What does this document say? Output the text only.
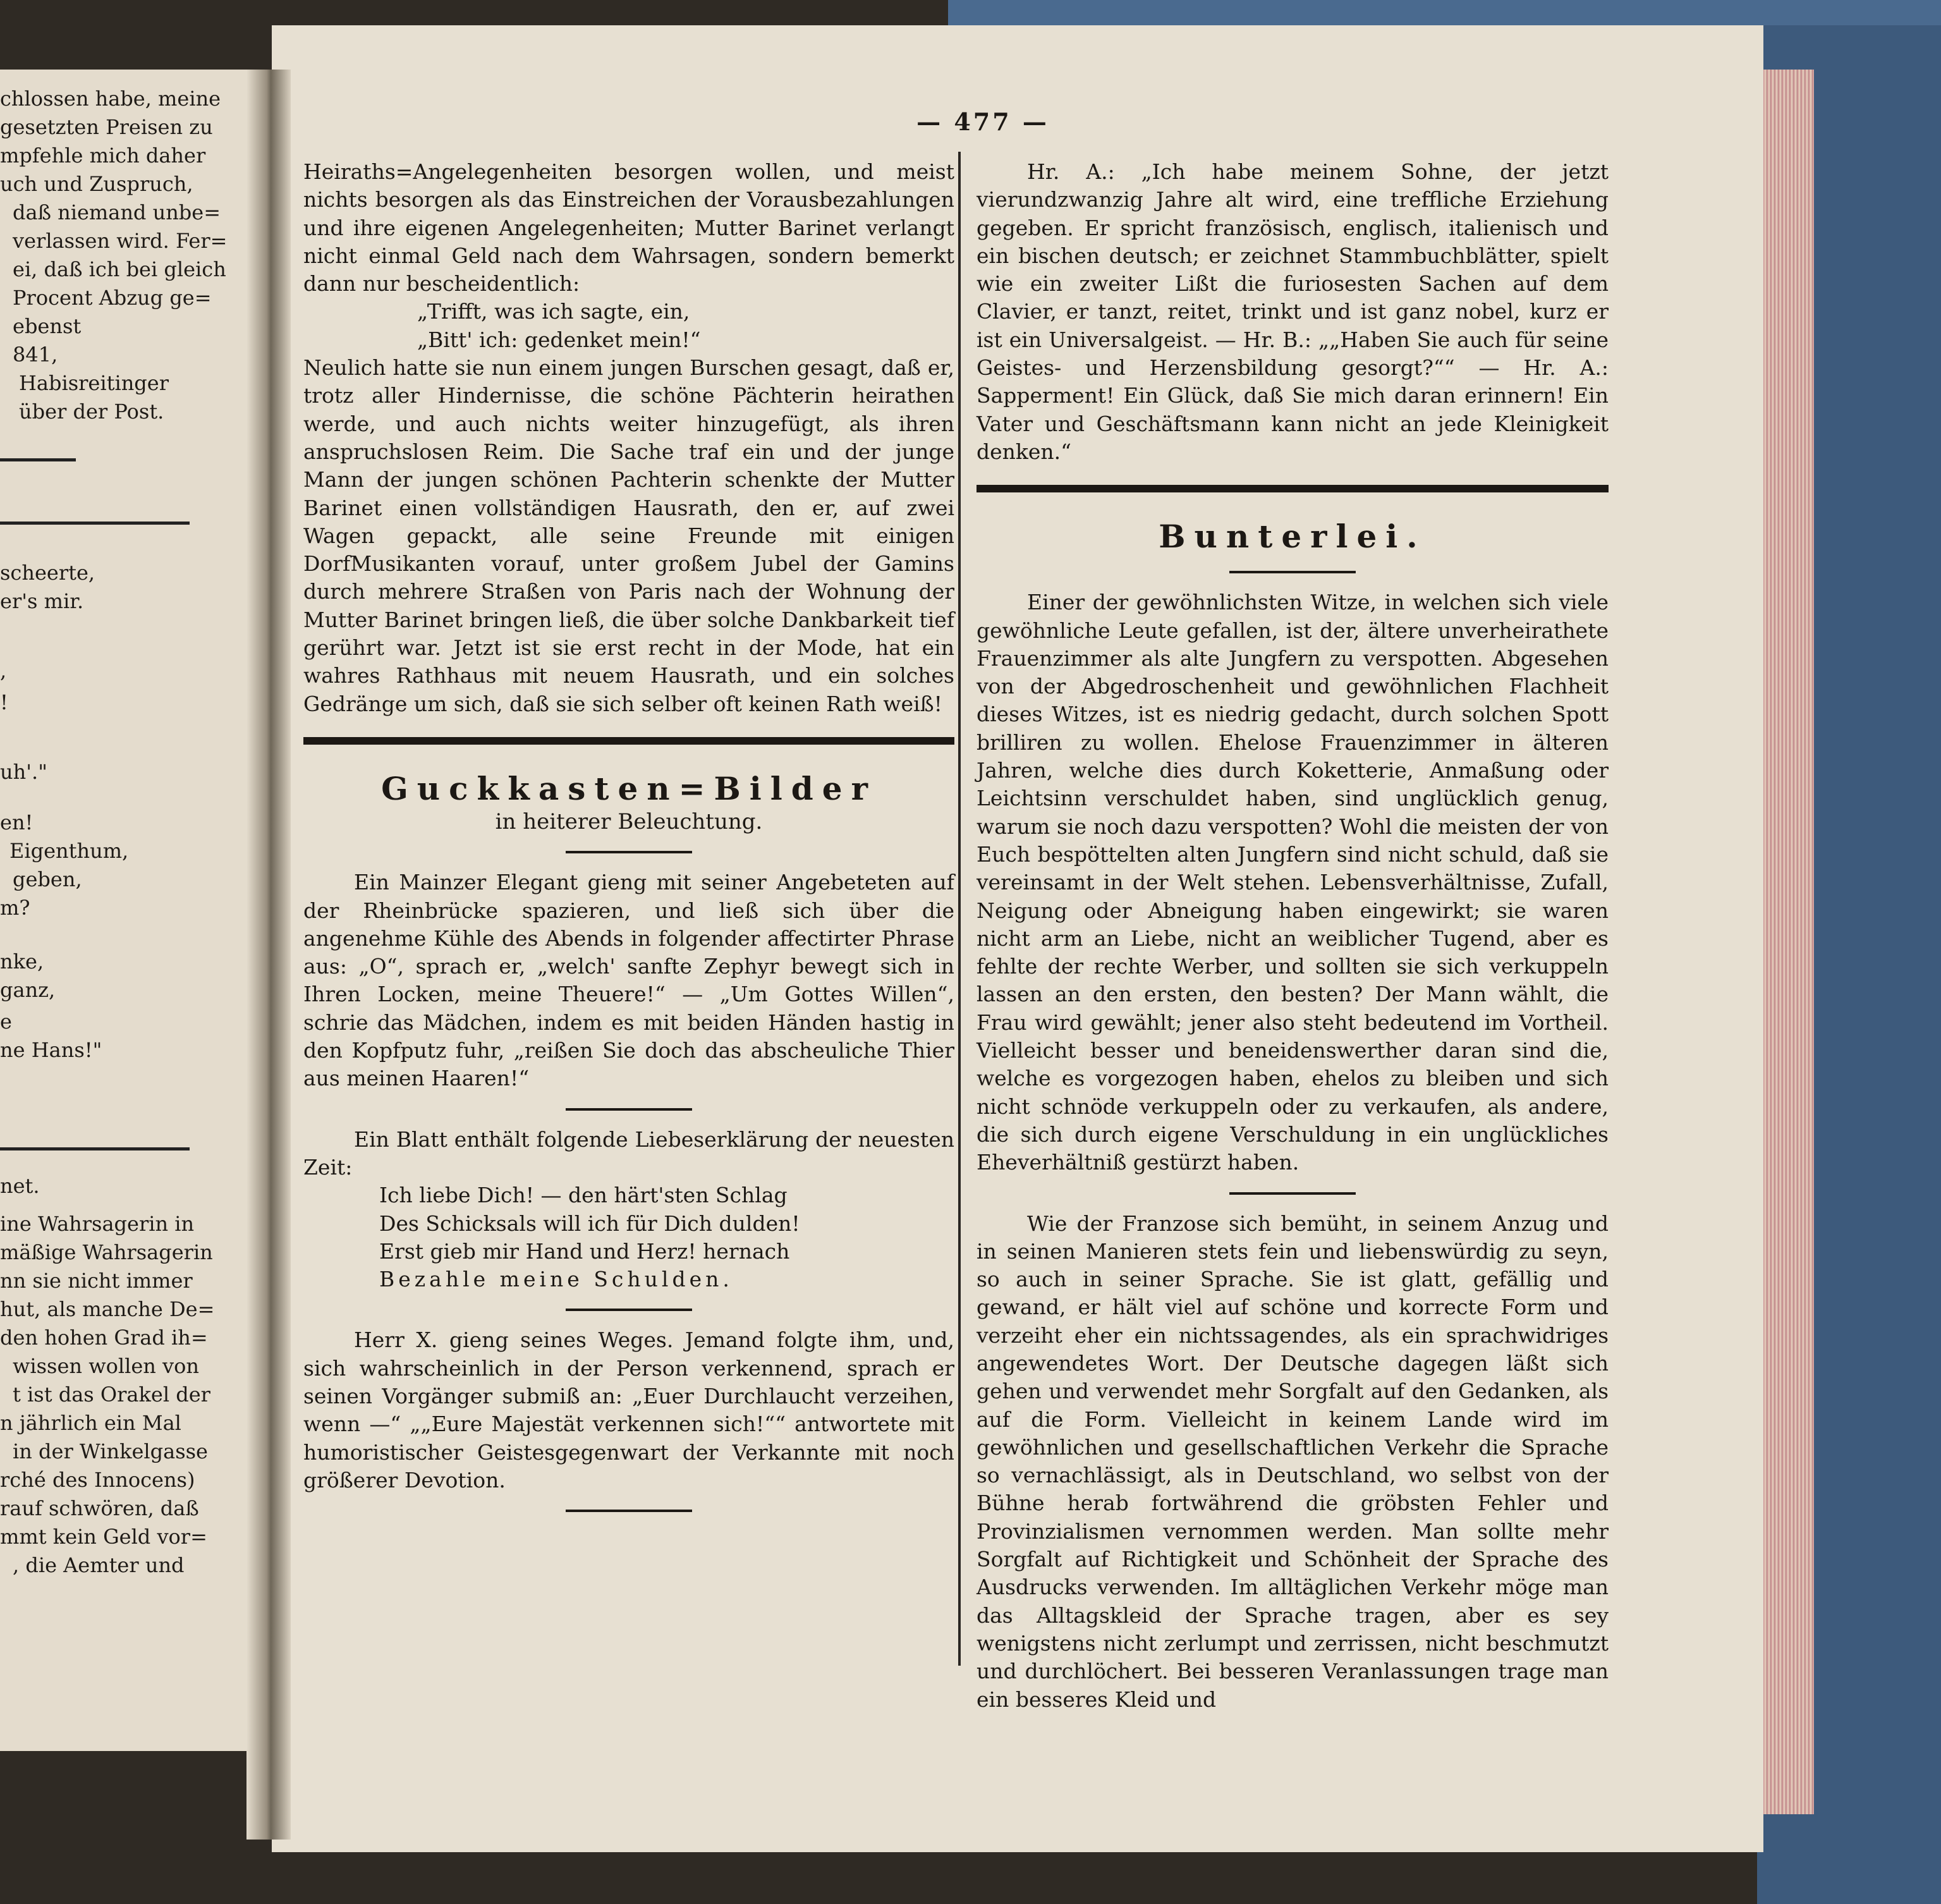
chlossen habe, meine
gesetzten Preisen zu
mpfehle mich daher
uch und Zuspruch,
daß niemand unbe=
verlassen wird. Fer=
ei, daß ich bei gleich
Procent Abzug ge=
ebenst
841,
Habisreitinger
über der Post.
scheerte,
er's mir.
,
!
uh'."
en!
Eigenthum,
geben,
m?
nke,
ganz,
e
ne Hans!"
net.
ine Wahrsagerin in
mäßige Wahrsagerin
nn sie nicht immer
hut, als manche De=
den hohen Grad ih=
wissen wollen von
t ist das Orakel der
n jährlich ein Mal
in der Winkelgasse
rché des Innocens)
rauf schwören, daß
mmt kein Geld vor=
, die Aemter und
— 477 —

Heiraths=Angelegenheiten besorgen wollen, und meist nichts besorgen als das Einstreichen der Vorausbezahlungen und ihre eigenen Angelegenheiten; Mutter Barinet verlangt nicht einmal Geld nach dem Wahrsagen, sondern bemerkt dann nur bescheidentlich:

„Trifft, was ich sagte, ein,

„Bitt' ich: gedenket mein!“

Neulich hatte sie nun einem jungen Burschen gesagt, daß er, trotz aller Hindernisse, die schöne Pächterin heirathen werde, und auch nichts weiter hinzugefügt, als ihren anspruchslosen Reim. Die Sache traf ein und der junge Mann der jungen schönen Pachterin schenkte der Mutter Barinet einen vollständigen Hausrath, den er, auf zwei Wagen gepackt, alle seine Freunde mit einigen DorfMusikanten vorauf, unter großem Jubel der Gamins durch mehrere Straßen von Paris nach der Wohnung der Mutter Barinet bringen ließ, die über solche Dankbarkeit tief gerührt war. Jetzt ist sie erst recht in der Mode, hat ein wahres Rathhaus mit neuem Hausrath, und ein solches Gedränge um sich, daß sie sich selber oft keinen Rath weiß!

Guckkasten=Bilder

in heiterer Beleuchtung.

Ein Mainzer Elegant gieng mit seiner Angebeteten auf der Rheinbrücke spazieren, und ließ sich über die angenehme Kühle des Abends in folgender affectirter Phrase aus: „O“, sprach er, „welch' sanfte Zephyr bewegt sich in Ihren Locken, meine Theuere!“ — „Um Gottes Willen“, schrie das Mädchen, indem es mit beiden Händen hastig in den Kopfputz fuhr, „reißen Sie doch das abscheuliche Thier aus meinen Haaren!“

Ein Blatt enthält folgende Liebeserklärung der neuesten Zeit:

Ich liebe Dich! — den härt'sten Schlag

Des Schicksals will ich für Dich dulden!

Erst gieb mir Hand und Herz! hernach

Bezahle meine Schulden.

Herr X. gieng seines Weges. Jemand folgte ihm, und, sich wahrscheinlich in der Person verkennend, sprach er seinen Vorgänger submiß an: „Euer Durchlaucht verzeihen, wenn —“ „„Eure Majestät verkennen sich!““ antwortete mit humoristischer Geistesgegenwart der Verkannte mit noch größerer Devotion.

Hr. A.: „Ich habe meinem Sohne, der jetzt vierundzwanzig Jahre alt wird, eine treffliche Erziehung gegeben. Er spricht französisch, englisch, italienisch und ein bischen deutsch; er zeichnet Stammbuchblätter, spielt wie ein zweiter Lißt die furiosesten Sachen auf dem Clavier, er tanzt, reitet, trinkt und ist ganz nobel, kurz er ist ein Universalgeist. — Hr. B.: „„Haben Sie auch für seine Geistes- und Herzensbildung gesorgt?““ — Hr. A.: Sapperment! Ein Glück, daß Sie mich daran erinnern! Ein Vater und Geschäftsmann kann nicht an jede Kleinigkeit denken.“

Bunterlei.

Einer der gewöhnlichsten Witze, in welchen sich viele gewöhnliche Leute gefallen, ist der, ältere unverheirathete Frauenzimmer als alte Jungfern zu verspotten. Abgesehen von der Abgedroschenheit und gewöhnlichen Flachheit dieses Witzes, ist es niedrig gedacht, durch solchen Spott brilliren zu wollen. Ehelose Frauenzimmer in älteren Jahren, welche dies durch Koketterie, Anmaßung oder Leichtsinn verschuldet haben, sind unglücklich genug, warum sie noch dazu verspotten? Wohl die meisten der von Euch bespöttelten alten Jungfern sind nicht schuld, daß sie vereinsamt in der Welt stehen. Lebensverhältnisse, Zufall, Neigung oder Abneigung haben eingewirkt; sie waren nicht arm an Liebe, nicht an weiblicher Tugend, aber es fehlte der rechte Werber, und sollten sie sich verkuppeln lassen an den ersten, den besten? Der Mann wählt, die Frau wird gewählt; jener also steht bedeutend im Vortheil. Vielleicht besser und beneidenswerther daran sind die, welche es vorgezogen haben, ehelos zu bleiben und sich nicht schnöde verkuppeln oder zu verkaufen, als andere, die sich durch eigene Verschuldung in ein unglückliches Eheverhältniß gestürzt haben.

Wie der Franzose sich bemüht, in seinem Anzug und in seinen Manieren stets fein und liebenswürdig zu seyn, so auch in seiner Sprache. Sie ist glatt, gefällig und gewand, er hält viel auf schöne und korrecte Form und verzeiht eher ein nichtssagendes, als ein sprachwidriges angewendetes Wort. Der Deutsche dagegen läßt sich gehen und verwendet mehr Sorgfalt auf den Gedanken, als auf die Form. Vielleicht in keinem Lande wird im gewöhnlichen und gesellschaftlichen Verkehr die Sprache so vernachlässigt, als in Deutschland, wo selbst von der Bühne herab fortwährend die gröbsten Fehler und Provinzialismen vernommen werden. Man sollte mehr Sorgfalt auf Richtigkeit und Schönheit der Sprache des Ausdrucks verwenden. Im alltäglichen Verkehr möge man das Alltagskleid der Sprache tragen, aber es sey wenigstens nicht zerlumpt und zerrissen, nicht beschmutzt und durchlöchert. Bei besseren Veranlassungen trage man ein besseres Kleid und
